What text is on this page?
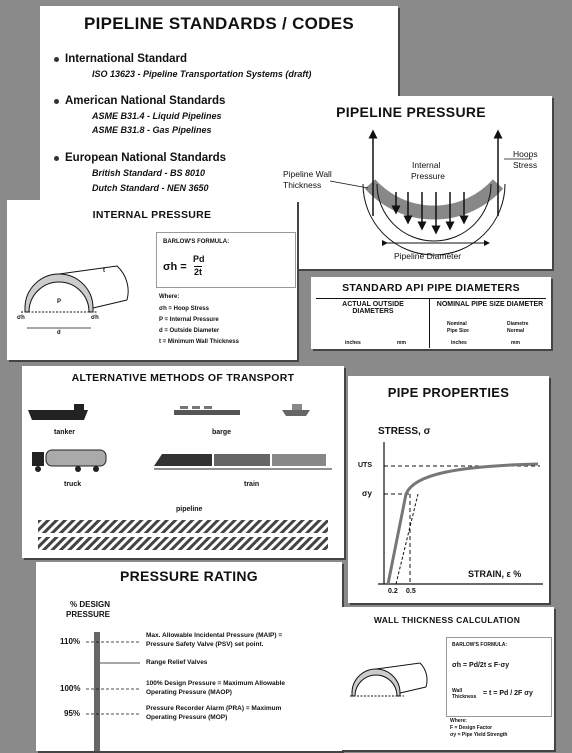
PIPELINE STANDARDS / CODES
International Standard
ISO 13623 - Pipeline Transportation Systems (draft)
American National Standards
ASME B31.4 - Liquid Pipelines
ASME B31.8 - Gas Pipelines
European National Standards
British Standard - BS 8010
Dutch Standard - NEN 3650
PIPELINE PRESSURE
Pipeline Wall
Thickness
Internal
Pressure
Hoops
Stress
Pipeline Diameter
INTERNAL PRESSURE
t
P
σh	σh
d
BARLOW'S FORMULA:
σh =
Pd
2t
Where:
σh = Hoop Stress
P = Internal Pressure
d = Outside Diameter
t = Minimum Wall Thickness
STANDARD API PIPE DIAMETERS
ACTUAL OUTSIDE DIAMETERS
NOMINAL PIPE SIZE DIAMETER
Nominal
Pipe Size
Diametre
Normal
inches	mm	inches	mm
ALTERNATIVE METHODS OF TRANSPORT
tanker	barge
truck	train
pipeline
PIPE PROPERTIES
STRESS, σ
UTS
σy
STRAIN, ε %
0.2 0.5
PRESSURE RATING
% DESIGN
PRESSURE
110%
100%
95%
Max. Allowable Incidental Pressure (MAIP) =
Pressure Safety Valve (PSV) set point.
Range Relief Valves
100% Design Pressure = Maximum Allowable
Operating Pressure (MAOP)
Pressure Recorder Alarm (PRA) = Maximum
Operating Pressure (MOP)
WALL THICKNESS CALCULATION
BARLOW'S FORMULA:
σh = Pd/2t ≤ F·σy
Wall Thickness = t = Pd / 2F σy
Where:
F = Design Factor
σy = Pipe Yield Strength
